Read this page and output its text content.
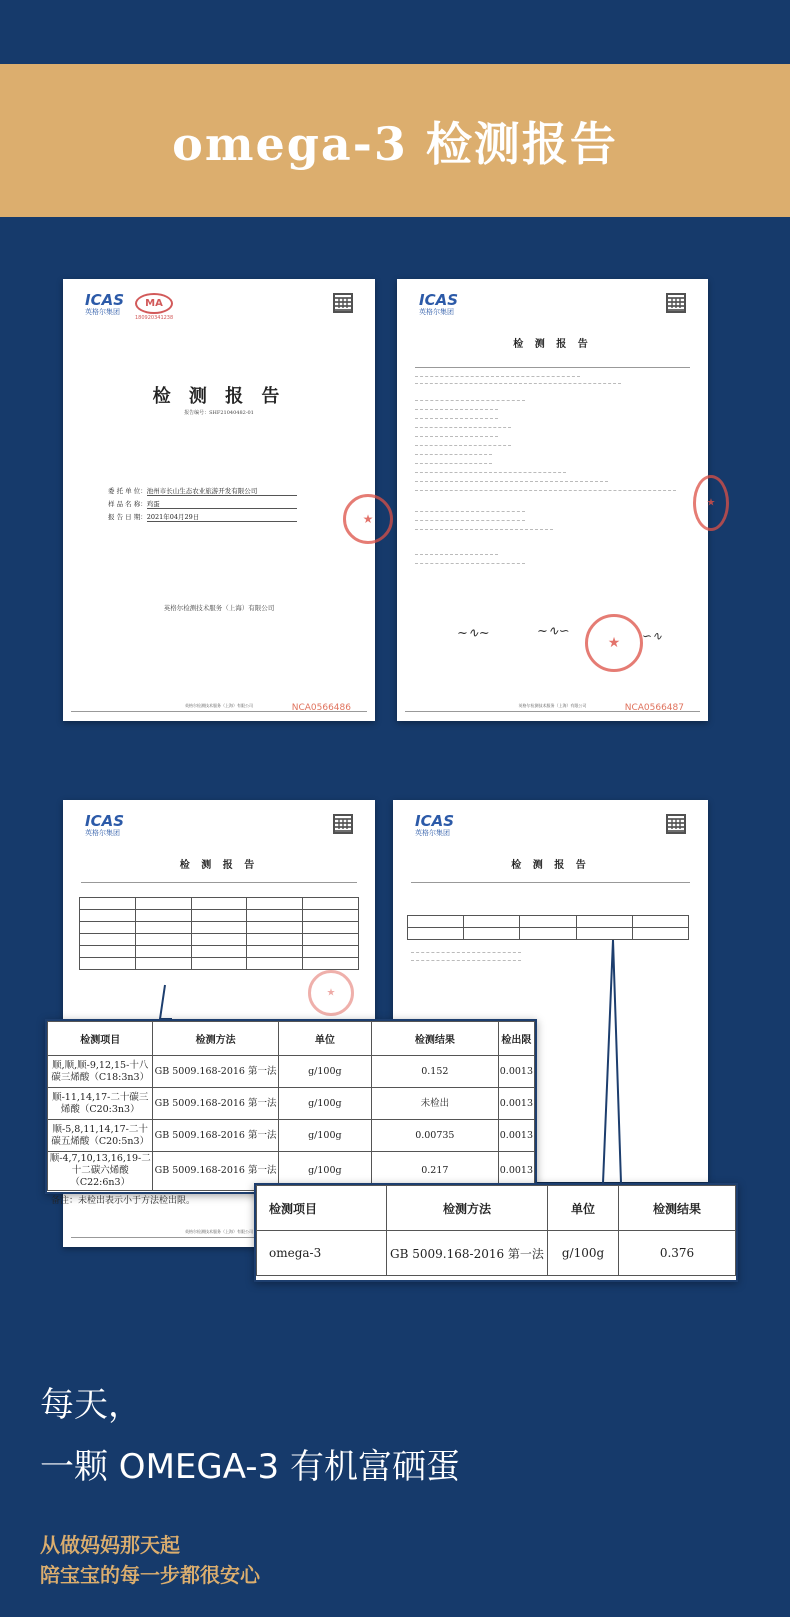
omega-3 检测报告
ICAS
英格尔集团
MA
180920341238
检 测 报 告
报告编号：SHF21040482-01
委 托 单 位：池州市长山生态农业旅游开发有限公司
样 品 名 称：鸡蛋
报 告 日 期：2021年04月29日
★
英格尔检测技术服务（上海）有限公司
英格尔检测技术服务（上海）有限公司	NCA0566486

ICAS
英格尔集团
检 测 报 告
~∿~	~∿∽	∽∿
★
★
英格尔检测技术服务（上海）有限公司	NCA0566487

ICAS
英格尔集团
检 测 报 告

★
英格尔检测技术服务（上海）有限公司

ICAS
英格尔集团
检 测 报 告

检测项目	检测方法	单位	检测结果	检出限
顺,顺,顺-9,12,15-十八碳三烯酸（C18:3n3）	GB 5009.168-2016 第一法	g/100g	0.152	0.0013
顺-11,14,17-二十碳三烯酸（C20:3n3）	GB 5009.168-2016 第一法	g/100g	未检出	0.0013
顺-5,8,11,14,17-二十碳五烯酸（C20:5n3）	GB 5009.168-2016 第一法	g/100g	0.00735	0.0013
顺-4,7,10,13,16,19-二十二碳六烯酸（C22:6n3）	GB 5009.168-2016 第一法	g/100g	0.217	0.0013
备注：未检出表示小于方法检出限。
检测项目	检测方法	单位	检测结果
omega-3	GB 5009.168-2016 第一法	g/100g	0.376
每天，
一颗 OMEGA-3 有机富硒蛋
从做妈妈那天起
陪宝宝的每一步都很安心
